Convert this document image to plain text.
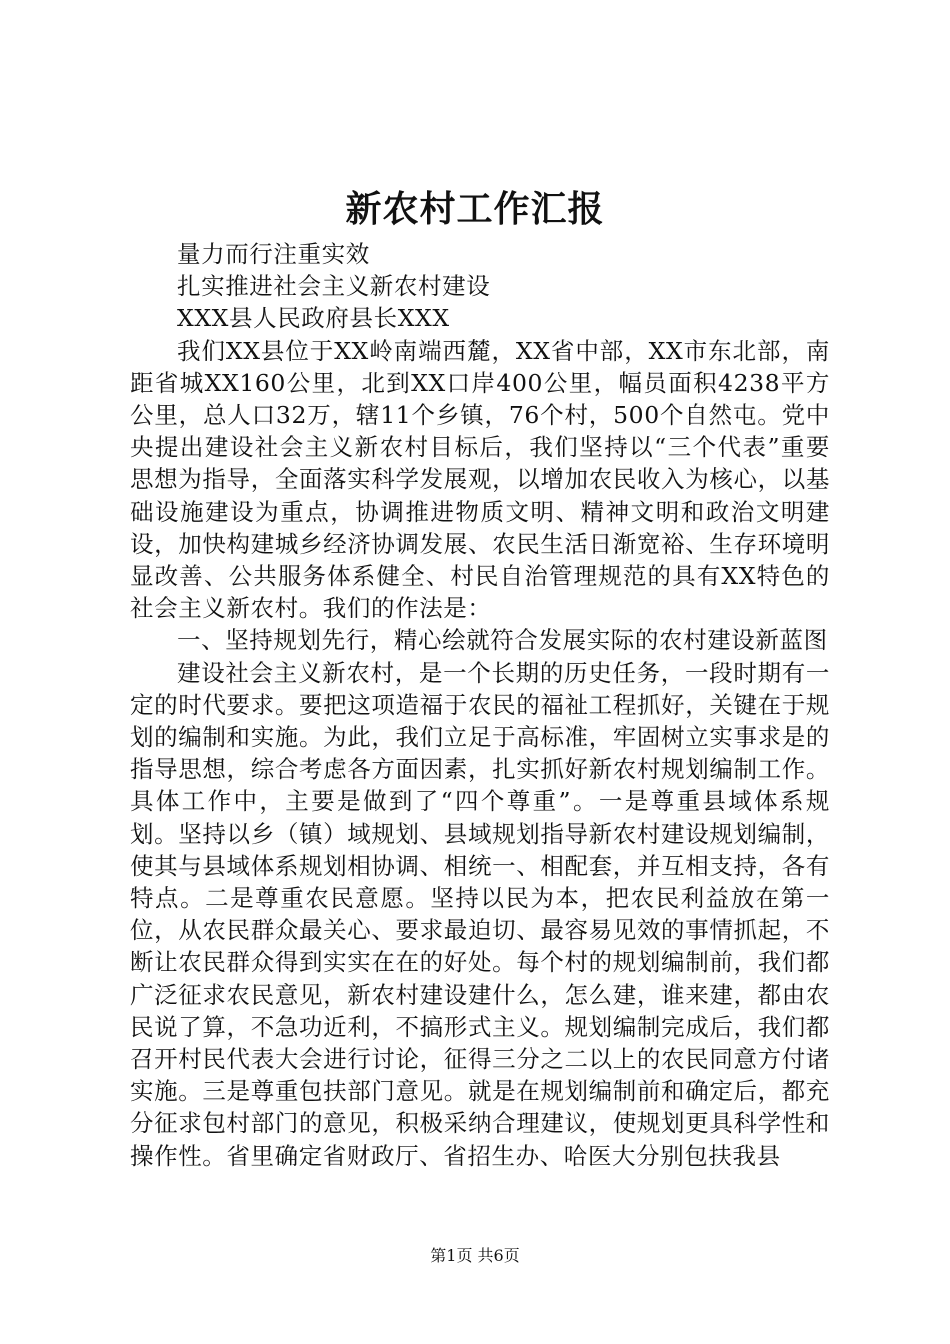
新农村工作汇报

量力而行注重实效

扎实推进社会主义新农村建设

XXX县人民政府县长XXX

我们XX县位于XX岭南端西麓，XX省中部，XX市东北部，南距省城XX160公里，北到XX口岸400公里，幅员面积4238平方公里，总人口32万，辖11个乡镇，76个村，500个自然屯。党中央提出建设社会主义新农村目标后，我们坚持以“三个代表”重要思想为指导，全面落实科学发展观，以增加农民收入为核心，以基础设施建设为重点，协调推进物质文明、精神文明和政治文明建设，加快构建城乡经济协调发展、农民生活日渐宽裕、生存环境明显改善、公共服务体系健全、村民自治管理规范的具有XX特色的社会主义新农村。我们的作法是：

一、坚持规划先行，精心绘就符合发展实际的农村建设新蓝图

建设社会主义新农村，是一个长期的历史任务，一段时期有一定的时代要求。要把这项造福于农民的福祉工程抓好，关键在于规划的编制和实施。为此，我们立足于高标准，牢固树立实事求是的指导思想，综合考虑各方面因素，扎实抓好新农村规划编制工作。具体工作中，主要是做到了“四个尊重”。一是尊重县域体系规划。坚持以乡（镇）域规划、县域规划指导新农村建设规划编制，使其与县域体系规划相协调、相统一、相配套，并互相支持，各有特点。二是尊重农民意愿。坚持以民为本，把农民利益放在第一位，从农民群众最关心、要求最迫切、最容易见效的事情抓起，不断让农民群众得到实实在在的好处。每个村的规划编制前，我们都广泛征求农民意见，新农村建设建什么，怎么建，谁来建，都由农民说了算，不急功近利，不搞形式主义。规划编制完成后，我们都召开村民代表大会进行讨论，征得三分之二以上的农民同意方付诸实施。三是尊重包扶部门意见。就是在规划编制前和确定后，都充分征求包村部门的意见，积极采纳合理建议，使规划更具科学性和操作性。省里确定省财政厅、省招生办、哈医大分别包扶我县

第1页 共6页
